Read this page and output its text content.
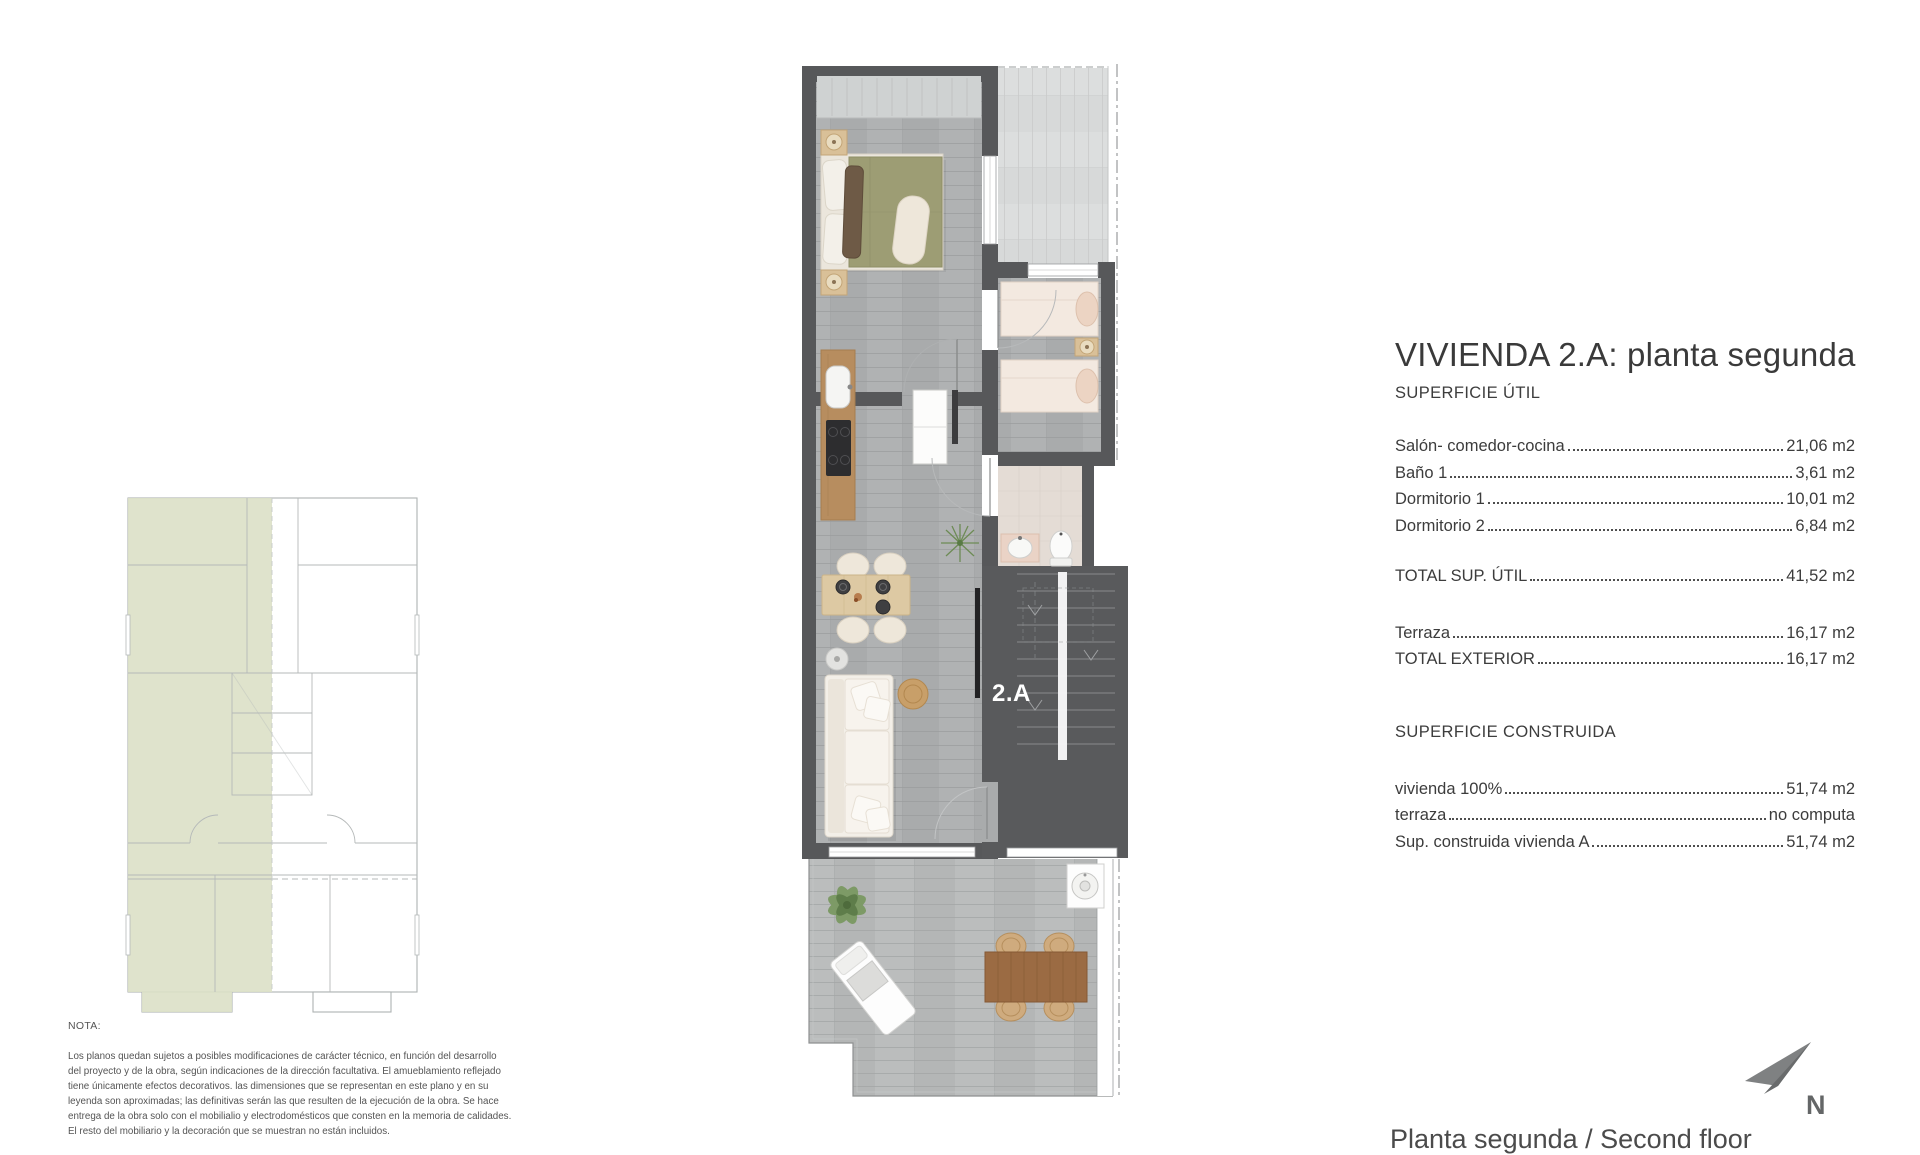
2.A
VIVIENDA 2.A: planta segunda
SUPERFICIE ÚTIL
Salón- comedor-cocina	21,06 m2
Baño 1	3,61 m2
Dormitorio 1	10,01 m2
Dormitorio 2	6,84 m2
TOTAL SUP. ÚTIL	41,52 m2
Terraza	16,17 m2
TOTAL EXTERIOR	16,17 m2
SUPERFICIE CONSTRUIDA
vivienda 100%	51,74 m2
terraza	no computa
Sup. construida vivienda A	51,74 m2
NOTA:
Los planos quedan sujetos a posibles modificaciones de carácter técnico, en función del desarrollo
del proyecto y de la obra, según indicaciones de la dirección facultativa. El amueblamiento reflejado
tiene únicamente efectos decorativos. las dimensiones que se representan en este plano y en su
leyenda son aproximadas; las definitivas serán las que resulten de la ejecución de la obra. Se hace
entrega de la obra solo con el mobilialio y electrodomésticos que consten en la memoria de calidades.
El resto del mobiliario y la decoración que se muestran no están incluidos.
N
Planta segunda / Second floor
